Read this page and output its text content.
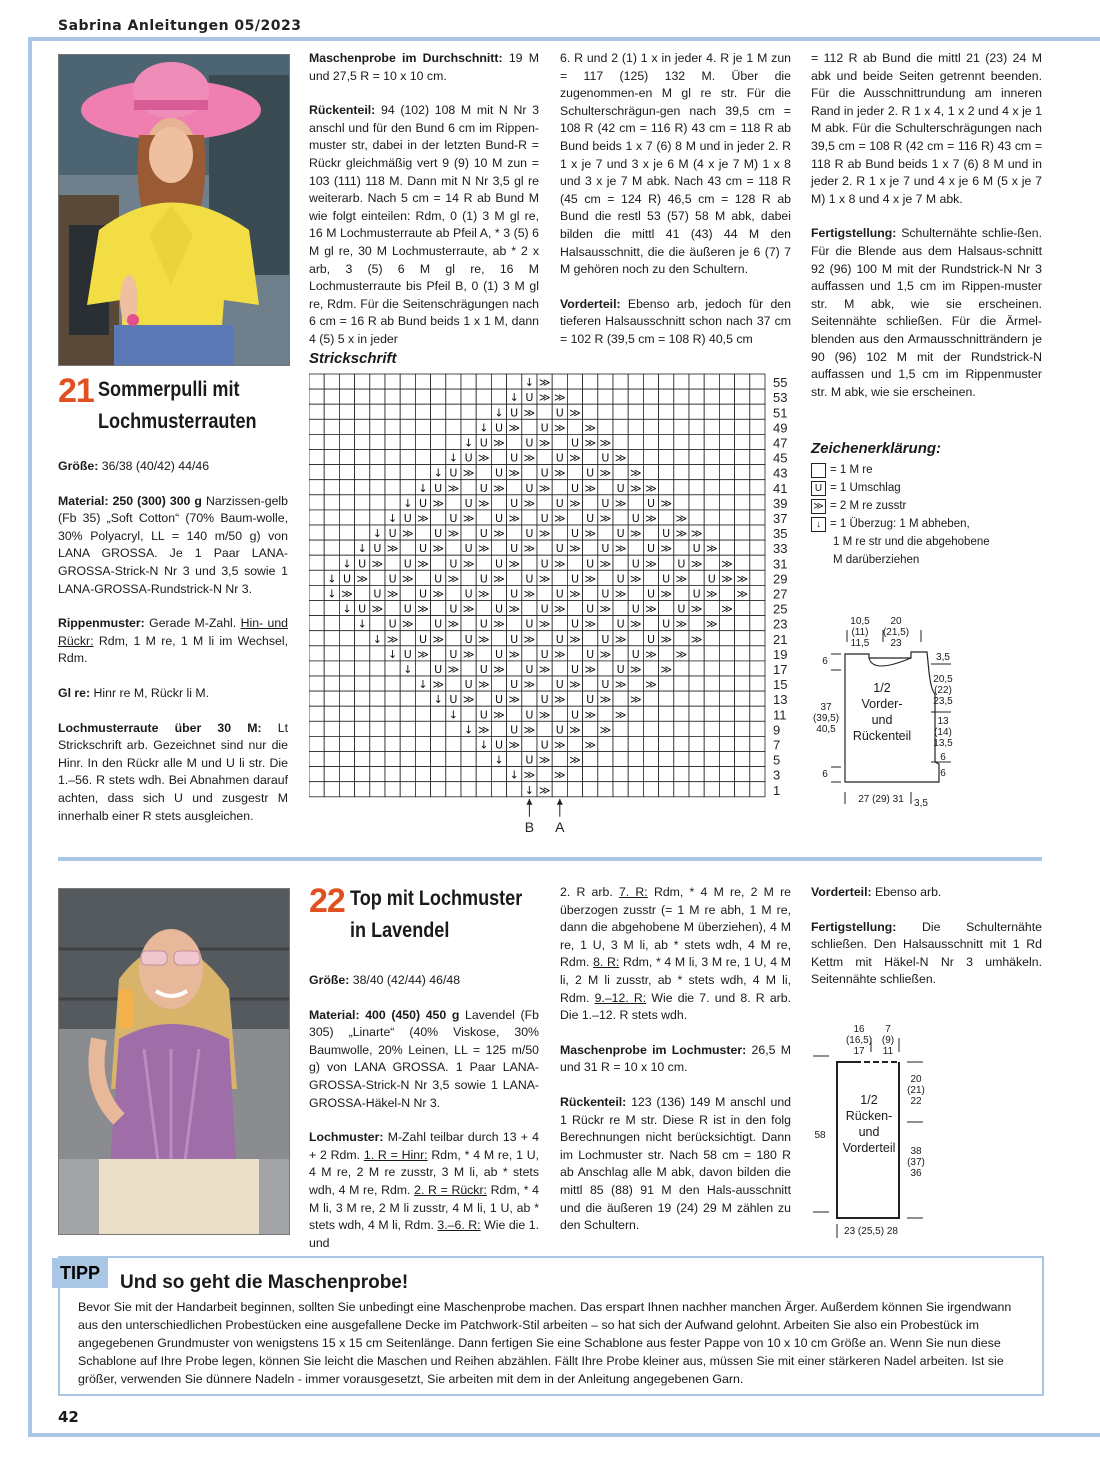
Sabrina Anleitungen 05/2023
21 Sommerpulli mit
Lochmusterrauten

Größe: 36/38 (40/42) 44/46

Material: 250 (300) 300 g Narzissen-gelb (Fb 35) „Soft Cotton“ (70% Baum-wolle, 30% Polyacryl, LL = 140 m/50 g) von LANA GROSSA. Je 1 Paar LANA-GROSSA-Strick-N Nr 3 und 3,5 sowie 1 LANA-GROSSA-Rundstrick-N Nr 3.

Rippenmuster: Gerade M-Zahl. Hin- und Rückr: Rdm, 1 M re, 1 M li im Wechsel, Rdm.

Gl re: Hinr re M, Rückr li M.

Lochmusterraute über 30 M: Lt Strickschrift arb. Gezeichnet sind nur die Hinr. In den Rückr alle M und U li str. Die 1.–56. R stets wdh. Bei Abnahmen darauf achten, dass sich U und zusgestr M innerhalb einer R stets ausgleichen.

Maschenprobe im Durchschnitt: 19 M und 27,5 R = 10 x 10 cm.

Rückenteil: 94 (102) 108 M mit N Nr 3 anschl und für den Bund 6 cm im Rippen-muster str, dabei in der letzten Bund-R = Rückr gleichmäßig vert 9 (9) 10 M zun = 103 (111) 118 M. Dann mit N Nr 3,5 gl re weiterarb. Nach 5 cm = 14 R ab Bund M wie folgt einteilen: Rdm, 0 (1) 3 M gl re, 16 M Lochmusterraute ab Pfeil A, * 3 (5) 6 M gl re, 30 M Lochmusterraute, ab * 2 x arb, 3 (5) 6 M gl re, 16 M Lochmusterraute bis Pfeil B, 0 (1) 3 M gl re, Rdm. Für die Seitenschrägungen nach 6 cm = 16 R ab Bund beids 1 x 1 M, dann 4 (5) 5 x in jeder

6. R und 2 (1) 1 x in jeder 4. R je 1 M zun = 117 (125) 132 M. Über die zugenommen-en M gl re str. Für die Schulterschrägun-gen nach 39,5 cm = 108 R (42 cm = 116 R) 43 cm = 118 R ab Bund beids 1 x 7 (6) 8 M und in jeder 2. R 1 x je 7 und 3 x je 6 M (4 x je 7 M) 1 x 8 und 3 x je 7 M abk. Nach 43 cm = 118 R (45 cm = 124 R) 46,5 cm = 128 R ab Bund die restl 53 (57) 58 M abk, dabei bilden die mittl 41 (43) 44 M den Halsausschnitt, die die äußeren je 6 (7) 7 M gehören noch zu den Schultern.

Vorderteil: Ebenso arb, jedoch für den tieferen Halsausschnitt schon nach 37 cm = 102 R (39,5 cm = 108 R) 40,5 cm

= 112 R ab Bund die mittl 21 (23) 24 M abk und beide Seiten getrennt beenden. Für die Ausschnittrundung am inneren Rand in jeder 2. R 1 x 4, 1 x 2 und 4 x je 1 M abk. Für die Schulterschrägungen nach 39,5 cm = 108 R (42 cm = 116 R) 43 cm = 118 R ab Bund beids 1 x 7 (6) 8 M und in jeder 2. R 1 x je 7 und 4 x je 6 M (5 x je 7 M) 1 x 8 und 4 x je 7 M abk.

Fertigstellung: Schulternähte schlie-ßen. Für die Blende aus dem Halsaus-schnitt 92 (96) 100 M mit der Rundstrick-N Nr 3 auffassen und 1,5 cm im Rippen-muster str. M abk, wie sie erscheinen. Seitennähte schließen. Für die Ärmel-blenden aus den Armausschnitträndern je 90 (96) 102 M mit der Rundstrick-N auffassen und 1,5 cm im Rippenmuster str. M abk, wie sie erscheinen.

Strickschrift
↓ ≫
↓ U ≫ ≫
↓ U ≫ U ≫
↓ U ≫ U ≫ ≫
↓ U ≫ U ≫ U ≫ ≫
↓ U ≫ U ≫ U ≫ U ≫
↓ U ≫ U ≫ U ≫ U ≫ ≫
↓ U ≫ U ≫ U ≫ U ≫ U ≫ ≫
↓ U ≫ U ≫ U ≫ U ≫ U ≫ U ≫
↓ U ≫ U ≫ U ≫ U ≫ U ≫ U ≫ ≫
↓ U ≫ U ≫ U ≫ U ≫ U ≫ U ≫ U ≫ ≫
↓ U ≫ U ≫ U ≫ U ≫ U ≫ U ≫ U ≫ U ≫
↓ U ≫ U ≫ U ≫ U ≫ U ≫ U ≫ U ≫ U ≫ ≫
↓ U ≫ U ≫ U ≫ U ≫ U ≫ U ≫ U ≫ U ≫ U ≫ ≫
↓ ≫ U ≫ U ≫ U ≫ U ≫ U ≫ U ≫ U ≫ U ≫ ≫
↓ U ≫ U ≫ U ≫ U ≫ U ≫ U ≫ U ≫ U ≫ ≫
↓ U ≫ U ≫ U ≫ U ≫ U ≫ U ≫ U ≫ ≫
↓ ≫ U ≫ U ≫ U ≫ U ≫ U ≫ U ≫ ≫
↓ U ≫ U ≫ U ≫ U ≫ U ≫ U ≫ ≫
↓ U ≫ U ≫ U ≫ U ≫ U ≫ ≫
↓ ≫ U ≫ U ≫ U ≫ U ≫ ≫
↓ U ≫ U ≫ U ≫ U ≫ ≫
↓ U ≫ U ≫ U ≫ ≫
↓ ≫ U ≫ U ≫ ≫
↓ U ≫ U ≫ ≫
↓ U ≫ ≫
↓ ≫ ≫
↓ ≫
55
53
51
49
47
45
43
41
39
37
35
33
31
29
27
25
23
21
19
17
15
13
11
9
7
5
3
1
B A
Zeichenerklärung:
= 1 M re
U = 1 Umschlag
≫ = 2 M re zusstr
↓ = 1 Überzug: 1 M abheben,
1 M re str und die abgehobene
M darüberziehen
10,5
(11)
11,5
20
(21,5)
23
6
37
(39,5)
40,5
6
3,5
20,5
(22)
23,5
13
(14)
13,5
6
6
27 (29) 31	3,5
1/2
Vorder-
und
Rückenteil
22 Top mit Lochmuster
in Lavendel

Größe: 38/40 (42/44) 46/48

Material: 400 (450) 450 g Lavendel (Fb 305) „Linarte“ (40% Viskose, 30% Baumwolle, 20% Leinen, LL = 125 m/50 g) von LANA GROSSA. 1 Paar LANA-GROSSA-Strick-N Nr 3,5 sowie 1 LANA-GROSSA-Häkel-N Nr 3.

Lochmuster: M-Zahl teilbar durch 13 + 4 + 2 Rdm. 1. R = Hinr: Rdm, * 4 M re, 1 U, 4 M re, 2 M re zusstr, 3 M li, ab * stets wdh, 4 M re, Rdm. 2. R = Rückr: Rdm, * 4 M li, 3 M re, 2 M li zusstr, 4 M li, 1 U, ab * stets wdh, 4 M li, Rdm. 3.–6. R: Wie die 1. und

2. R arb. 7. R: Rdm, * 4 M re, 2 M re überzogen zusstr (= 1 M re abh, 1 M re, dann die abgehobene M überziehen), 4 M re, 1 U, 3 M li, ab * stets wdh, 4 M re, Rdm. 8. R: Rdm, * 4 M li, 3 M re, 1 U, 4 M li, 2 M li zusstr, ab * stets wdh, 4 M li, Rdm. 9.–12. R: Wie die 7. und 8. R arb. Die 1.–12. R stets wdh.

Maschenprobe im Lochmuster: 26,5 M und 31 R = 10 x 10 cm.

Rückenteil: 123 (136) 149 M anschl und 1 Rückr re M str. Diese R ist in den folg Berechnungen nicht berücksichtigt. Dann im Lochmuster str. Nach 58 cm = 180 R ab Anschlag alle M abk, davon bilden die mittl 85 (88) 91 M den Hals-ausschnitt und die äußeren 19 (24) 29 M zählen zu den Schultern.

Vorderteil: Ebenso arb.

Fertigstellung: Die Schulternähte schließen. Den Halsausschnitt mit 1 Rd Kettm mit Häkel-N Nr 3 umhäkeln. Seitennähte schließen.

16
(16,5)
17
7
(9)
11
58
20
(21)
22
38
(37)
36
23 (25,5) 28
1/2
Rücken-
und
Vorderteil
TIPP	Und so geht die Maschenprobe!
Bevor Sie mit der Handarbeit beginnen, sollten Sie unbedingt eine Maschenprobe machen. Das erspart Ihnen nachher manchen Ärger. Außerdem können Sie irgendwann aus den unterschiedlichen Probestücken eine ausgefallene Decke im Patchwork-Stil arbeiten – so hat sich der Aufwand gelohnt. Arbeiten Sie also ein Probestück im angegebenen Grundmuster von wenigstens 15 x 15 cm Seitenlänge. Dann fertigen Sie eine Schablone aus fester Pappe von 10 x 10 cm Größe an. Wenn Sie nun diese Schablone auf Ihre Probe legen, können Sie leicht die Maschen und Reihen abzählen. Fällt Ihre Probe kleiner aus, müssen Sie mit einer stärkeren Nadel arbeiten. Ist sie größer, verwenden Sie dünnere Nadeln - immer vorausgesetzt, Sie arbeiten mit dem in der Anleitung angegebenen Garn.
42
